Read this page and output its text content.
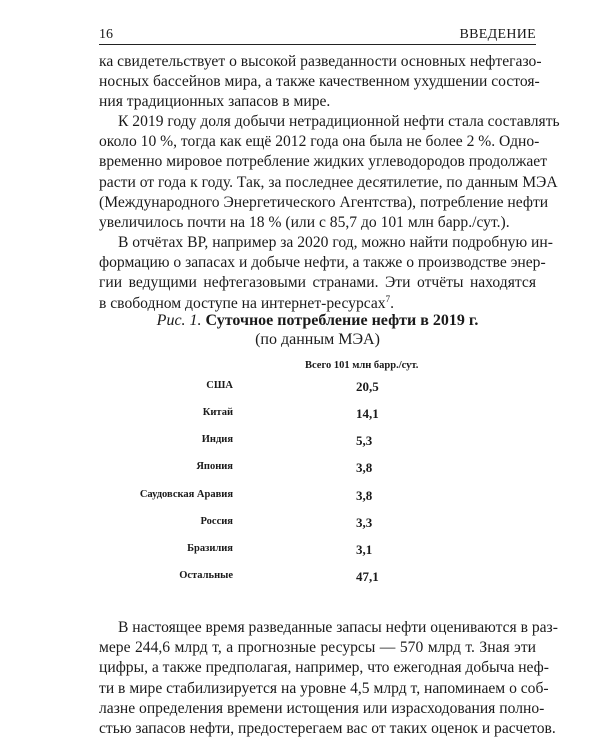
16	ВВЕДЕНИЕ

ка свидетельствует о высокой разведанности основных нефтегазо-
носных бассейнов мира, а также качественном ухудшении состоя-
ния традиционных запасов в мире.

К 2019 году доля добычи нетрадиционной нефти стала составлять
около 10 %, тогда как ещё 2012 года она была не более 2 %. Одно-
временно мировое потребление жидких углеводородов продолжает
расти от года к году. Так, за последнее десятилетие, по данным МЭА
(Международного Энергетического Агентства), потребление нефти
увеличилось почти на 18 % (или с 85,7 до 101 млн барр./сут.).

В отчётах BP, например за 2020 год, можно найти подробную ин-
формацию о запасах и добыче нефти, а также о производстве энер-
гии ведущими нефтегазовыми странами. Эти отчёты находятся
в свободном доступе на интернет-ресурсах$^7$.

Рис. 1. Суточное потребление нефти в 2019 г.
(по данным МЭА)
Всего 101 млн барр./сут.
США	20,5
Китай	14,1
Индия	5,3
Япония	3,8
Саудовская Аравия	3,8
Россия	3,3
Бразилия	3,1
Остальные	47,1

В настоящее время разведанные запасы нефти оцениваются в раз-
мере 244,6 млрд т, а прогнозные ресурсы — 570 млрд т. Зная эти
цифры, а также предполагая, например, что ежегодная добыча неф-
ти в мире стабилизируется на уровне 4,5 млрд т, напоминаем о соб-
лазне определения времени истощения или израсходования полно-
стью запасов нефти, предостерегаем вас от таких оценок и расчетов.
